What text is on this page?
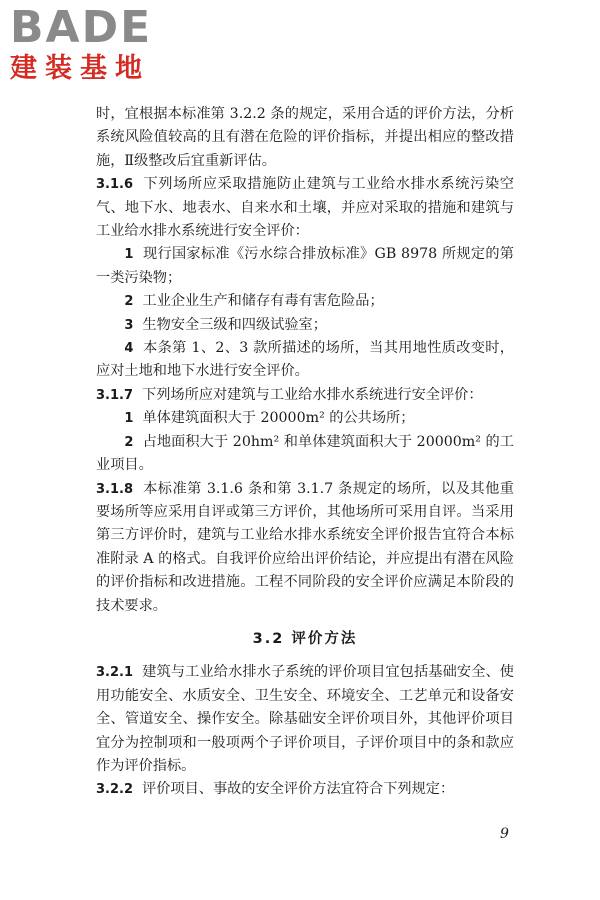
BADE
建装基地

时，宜根据本标准第 3.2.2 条的规定，采用合适的评价方法，分析系统风险值较高的且有潜在危险的评价指标，并提出相应的整改措施，Ⅱ级整改后宜重新评估。

3.1.6 下列场所应采取措施防止建筑与工业给水排水系统污染空气、地下水、地表水、自来水和土壤，并应对采取的措施和建筑与工业给水排水系统进行安全评价：

1 现行国家标准《污水综合排放标准》GB 8978 所规定的第一类污染物；

2 工业企业生产和储存有毒有害危险品；

3 生物安全三级和四级试验室；

4 本条第 1、2、3 款所描述的场所，当其用地性质改变时，应对土地和地下水进行安全评价。

3.1.7 下列场所应对建筑与工业给水排水系统进行安全评价：

1 单体建筑面积大于 20000m² 的公共场所；

2 占地面积大于 20hm² 和单体建筑面积大于 20000m² 的工业项目。

3.1.8 本标准第 3.1.6 条和第 3.1.7 条规定的场所，以及其他重要场所等应采用自评或第三方评价，其他场所可采用自评。当采用第三方评价时，建筑与工业给水排水系统安全评价报告宜符合本标准附录 A 的格式。自我评价应给出评价结论，并应提出有潜在风险的评价指标和改进措施。工程不同阶段的安全评价应满足本阶段的技术要求。

3.2 评价方法

3.2.1 建筑与工业给水排水子系统的评价项目宜包括基础安全、使用功能安全、水质安全、卫生安全、环境安全、工艺单元和设备安全、管道安全、操作安全。除基础安全评价项目外，其他评价项目宜分为控制项和一般项两个子评价项目，子评价项目中的条和款应作为评价指标。

3.2.2 评价项目、事故的安全评价方法宜符合下列规定：

9
